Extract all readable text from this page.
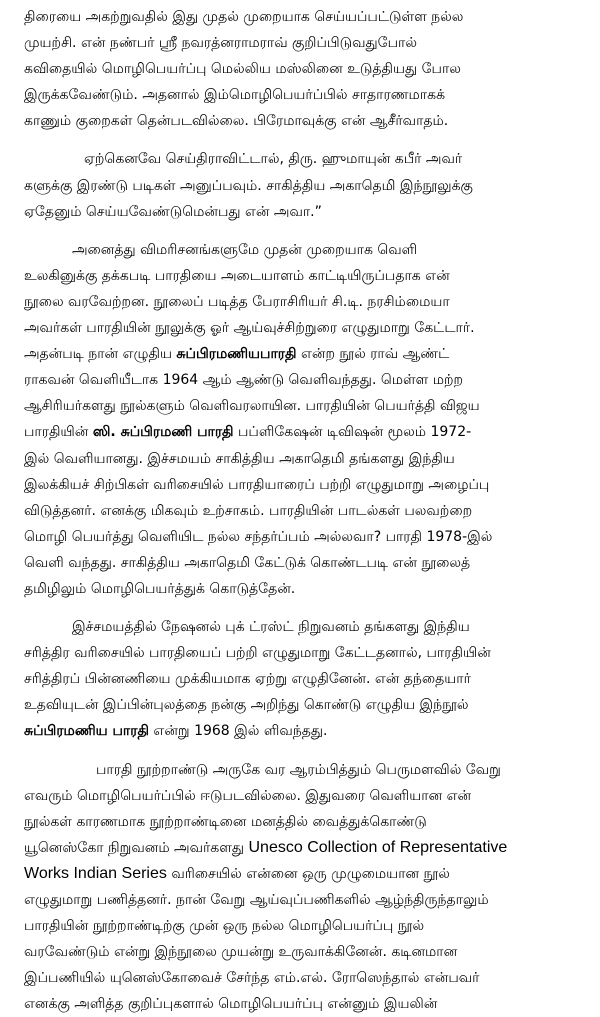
திரையை அகற்றுவதில் இது முதல் முறையாக செய்யப்பட்டுள்ள நல்ல
முயற்சி. என் நண்பர் ஸ்ரீ நவரத்னராமராவ் குறிப்பிடுவதுபோல்
கவிதையில் மொழிபெயர்ப்பு மெல்லிய மஸ்லினை உடுத்தியது போல
இருக்கவேண்டும். அதனால் இம்மொழிபெயர்ப்பில் சாதாரணமாகக்
காணும் குறைகள் தென்படவில்லை. பிரேமாவுக்கு என் ஆசீர்வாதம்.

ஏற்கெனவே செய்திராவிட்டால், திரு. ஹுமாயுன் கபீர் அவர்
களுக்கு இரண்டு படிகள் அனுப்பவும். சாகித்திய அகாதெமி இந்நூலுக்கு
ஏதேனும் செய்யவேண்டுமென்பது என் அவா.”

அனைத்து விமரிசனங்களுமே முதன் முறையாக வெளி
உலகினுக்கு தக்கபடி பாரதியை அடையாளம் காட்டியிருப்பதாக என்
நூலை வரவேற்றன. நூலைப் படித்த பேராசிரியர் சி.டி. நரசிம்மையா
அவர்கள் பாரதியின் நூலுக்கு ஓர் ஆய்வுச்சிற்றுரை எழுதுமாறு கேட்டார்.
அதன்படி நான் எழுதிய சுப்பிரமணியபாரதி என்ற நூல் ராவ் ஆண்ட்
ராகவன் வெளியீடாக 1964 ஆம் ஆண்டு வெளிவந்தது. மெள்ள மற்ற
ஆசிரியர்களது நூல்களும் வெளிவரலாயின. பாரதியின் பெயர்த்தி விஜய
பாரதியின் ஸி. சுப்பிரமணி பாரதி பப்ளிகேஷன் டிவிஷன் மூலம் 1972-
இல் வெளியானது. இச்சமயம் சாகித்திய அகாதெமி தங்களது இந்திய
இலக்கியச் சிற்பிகள் வரிசையில் பாரதியாரைப் பற்றி எழுதுமாறு அழைப்பு
விடுத்தனர். எனக்கு மிகவும் உற்சாகம். பாரதியின் பாடல்கள் பலவற்றை
மொழி பெயர்த்து வெளியிட நல்ல சந்தர்ப்பம் அல்லவா? பாரதி 1978-இல்
வெளி வந்தது. சாகித்திய அகாதெமி கேட்டுக் கொண்டபடி என் நூலைத்
தமிழிலும் மொழிபெயர்த்துக் கொடுத்தேன்.

இச்சமயத்தில் நேஷனல் புக் ட்ரஸ்ட் நிறுவனம் தங்களது இந்திய
சரித்திர வரிசையில் பாரதியைப் பற்றி எழுதுமாறு கேட்டதனால், பாரதியின்
சரித்திரப் பின்னணியை முக்கியமாக ஏற்று எழுதினேன். என் தந்தையார்
உதவியுடன் இப்பின்புலத்தை நன்கு அறிந்து கொண்டு எழுதிய இந்நூல்
சுப்பிரமணிய பாரதி என்று 1968 இல் ளிவந்தது.

பாரதி நூற்றாண்டு அருகே வர ஆரம்பித்தும் பெருமளவில் வேறு
எவரும் மொழிபெயர்ப்பில் ஈடுபடவில்லை. இதுவரை வெளியான என்
நூல்கள் காரணமாக நூற்றாண்டினை மனத்தில் வைத்துக்கொண்டு
யூனெஸ்கோ நிறுவனம் அவர்களது Unesco Collection of Representative
Works Indian Series வரிசையில் என்னை ஒரு முழுமையான நூல்
எழுதுமாறு பணித்தனர். நான் வேறு ஆய்வுப்பணிகளில் ஆழ்ந்திருந்தாலும்
பாரதியின் நூற்றாண்டிற்கு முன் ஒரு நல்ல மொழிபெயர்ப்பு நூல்
வரவேண்டும் என்று இந்நூலை முயன்று உருவாக்கினேன். கடினமான
இப்பணியில் யுனெஸ்கோவைச் சேர்ந்த எம்.எல். ரோஸெந்தால் என்பவர்
எனக்கு அளித்த குறிப்புகளால் மொழிபெயர்ப்பு என்னும் இயலின்
